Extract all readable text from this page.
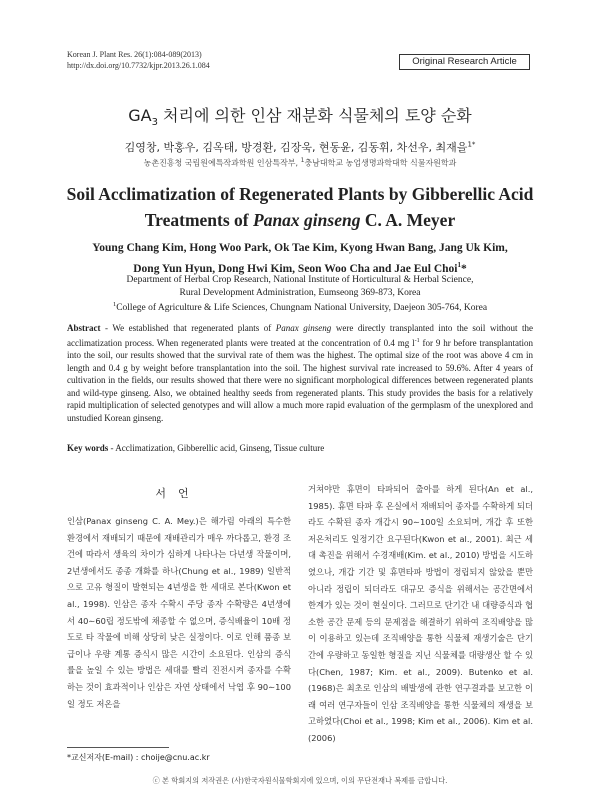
Korean J. Plant Res. 26(1):084-089(2013)
http://dx.doi.org/10.7732/kjpr.2013.26.1.084	Original Research Article
$GA_3$ 처리에 의한 인삼 재분화 식물체의 토양 순화
김영창, 박홍우, 김옥태, 방경환, 김장욱, 현동윤, 김동휘, 차선우, 최재을$^{1*}$
농촌진흥청 국립원예특작과학원 인삼특작부, $^1$충남대학교 농업생명과학대학 식물자원학과
Soil Acclimatization of Regenerated Plants by Gibberellic Acid
Treatments of Panax ginseng C. A. Meyer
Young Chang Kim, Hong Woo Park, Ok Tae Kim, Kyong Hwan Bang, Jang Uk Kim,
Dong Yun Hyun, Dong Hwi Kim, Seon Woo Cha and Jae Eul Choi$^1$*
Department of Herbal Crop Research, National Institute of Horticultural & Herbal Science,
Rural Development Administration, Eumseong 369-873, Korea
$^1$College of Agriculture & Life Sciences, Chungnam National University, Daejeon 305-764, Korea
Abstract - We established that regenerated plants of Panax ginseng were directly transplanted into the soil without the acclimatization process. When regenerated plants were treated at the concentration of 0.4 mg $l^{-1}$ for 9 hr before transplantation into the soil, our results showed that the survival rate of them was the highest. The optimal size of the root was above 4 cm in length and 0.4 g by weight before transplantation into the soil. The highest survival rate increased to 59.6%. After 4 years of cultivation in the fields, our results showed that there were no significant morphological differences between regenerated plants and wild-type ginseng. Also, we obtained healthy seeds from regenerated plants. This study provides the basis for a relatively rapid multiplication of selected genotypes and will allow a much more rapid evaluation of the germplasm of the unexplored and unstudied Korean ginseng.
Key words - Acclimatization, Gibberellic acid, Ginseng, Tissue culture
서언
인삼(Panax ginseng C. A. Mey.)은 해가림 아래의 특수한 환경에서 재배되기 때문에 재배관리가 매우 까다롭고, 환경 조건에 따라서 생육의 차이가 심하게 나타나는 다년생 작물이며, 2년생에서도 종종 개화를 하나(Chung et al., 1989) 일반적으로 고유 형질이 발현되는 4년생을 한 세대로 본다(Kwon et al., 1998). 인삼은 종자 수확시 주당 종자 수확량은 4년생에서 40∼60립 정도밖에 채종할 수 없으며, 증식배율이 10배 정도로 타 작물에 비해 상당히 낮은 실정이다. 이로 인해 품종 보급이나 우량 계통 증식시 많은 시간이 소요된다. 인삼의 증식률을 높일 수 있는 방법은 세대를 빨리 진전시켜 종자를 수확하는 것이 효과적이나 인삼은 자연 상태에서 낙엽 후 90∼100일 정도 저온을
거쳐야만 휴면이 타파되어 출아를 하게 된다(An et al., 1985). 휴면 타파 후 온실에서 재배되어 종자를 수확하게 되더라도 수확된 종자 개갑시 90∼100일 소요되며, 개갑 후 또한 저온처리도 일정기간 요구된다(Kwon et al., 2001). 최근 세대 촉진을 위해서 수경재배(Kim. et al., 2010) 방법을 시도하였으나, 개갑 기간 및 휴면타파 방법이 정립되지 않았을 뿐만 아니라 정립이 되더라도 대규모 증식을 위해서는 공간면에서 한계가 있는 것이 현실이다. 그러므로 단기간 내 대량증식과 협소한 공간 문제 등의 문제점을 해결하기 위하여 조직배양을 많이 이용하고 있는데 조직배양을 통한 식물체 재생기술은 단기간에 우량하고 동일한 형질을 지닌 식물체를 대량생산 할 수 있다(Chen, 1987; Kim. et al., 2009). Butenko et al.(1968)은 최초로 인삼의 배발생에 관한 연구결과를 보고한 이래 여러 연구자들이 인삼 조직배양을 통한 식물체의 재생을 보고하였다(Choi et al., 1998; Kim et al., 2006). Kim et al.(2006)
*교신저자(E-mail) : choije@cnu.ac.kr
ⓒ 본 학회지의 저작권은 (사)한국자원식물학회지에 있으며, 이의 무단전재나 복제를 금합니다.
